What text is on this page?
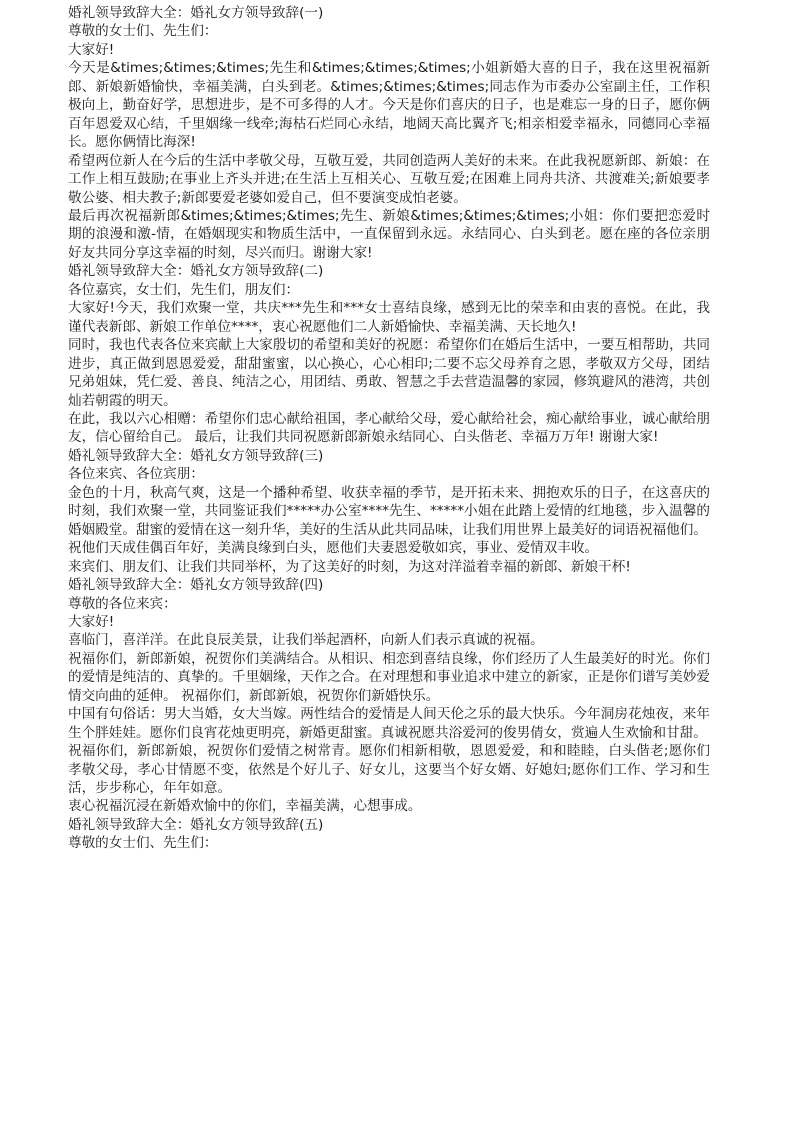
婚礼领导致辞大全：婚礼女方领导致辞(一)

尊敬的女士们、先生们：

大家好!

今天是&times;&times;&times;先生和&times;&times;&times;小姐新婚大喜的日子，我在这里祝福新郎、新娘新婚愉快，幸福美满，白头到老。&times;&times;&times;同志作为市委办公室副主任，工作积极向上，勤奋好学，思想进步，是不可多得的人才。今天是你们喜庆的日子，也是难忘一身的日子，愿你俩百年恩爱双心结，千里姻缘一线牵;海枯石烂同心永结，地阔天高比翼齐飞;相亲相爱幸福永，同德同心幸福长。愿你俩情比海深!

希望两位新人在今后的生活中孝敬父母，互敬互爱，共同创造两人美好的未来。在此我祝愿新郎、新娘：在工作上相互鼓励;在事业上齐头并进;在生活上互相关心、互敬互爱;在困难上同舟共济、共渡难关;新娘要孝敬公婆、相夫教子;新郎要爱老婆如爱自己，但不要演变成怕老婆。

最后再次祝福新郎&times;&times;&times;先生、新娘&times;&times;&times;小姐：你们要把恋爱时期的浪漫和激-情，在婚姻现实和物质生活中，一直保留到永远。永结同心、白头到老。愿在座的各位亲朋好友共同分享这幸福的时刻，尽兴而归。谢谢大家!

婚礼领导致辞大全：婚礼女方领导致辞(二)

各位嘉宾，女士们，先生们，朋友们：

大家好!今天，我们欢聚一堂，共庆***先生和***女士喜结良缘，感到无比的荣幸和由衷的喜悦。在此，我谨代表新郎、新娘工作单位****，衷心祝愿他们二人新婚愉快、幸福美满、天长地久!

同时，我也代表各位来宾献上大家殷切的希望和美好的祝愿：希望你们在婚后生活中，一要互相帮助，共同进步，真正做到恩恩爱爱，甜甜蜜蜜，以心换心，心心相印;二要不忘父母养育之恩，孝敬双方父母，团结兄弟姐妹，凭仁爱、善良、纯洁之心，用团结、勇敢、智慧之手去营造温馨的家园，修筑避风的港湾，共创灿若朝霞的明天。

在此，我以六心相赠：希望你们忠心献给祖国，孝心献给父母，爱心献给社会，痴心献给事业，诚心献给朋友，信心留给自己。 最后，让我们共同祝愿新郎新娘永结同心、白头偕老、幸福万万年! 谢谢大家!

婚礼领导致辞大全：婚礼女方领导致辞(三)

各位来宾、各位宾朋：

金色的十月，秋高气爽，这是一个播种希望、收获幸福的季节，是开拓未来、拥抱欢乐的日子，在这喜庆的时刻，我们欢聚一堂，共同鉴证我们*****办公室****先生、*****小姐在此踏上爱情的红地毯，步入温馨的婚姻殿堂。甜蜜的爱情在这一刻升华，美好的生活从此共同品味，让我们用世界上最美好的词语祝福他们。

祝他们天成佳偶百年好，美满良缘到白头，愿他们夫妻恩爱敬如宾，事业、爱情双丰收。

来宾们、朋友们、让我们共同举杯，为了这美好的时刻，为这对洋溢着幸福的新郎、新娘干杯!

婚礼领导致辞大全：婚礼女方领导致辞(四)

尊敬的各位来宾：

大家好!

喜临门，喜洋洋。在此良辰美景，让我们举起酒杯，向新人们表示真诚的祝福。

祝福你们，新郎新娘，祝贺你们美满结合。从相识、相恋到喜结良缘，你们经历了人生最美好的时光。你们的爱情是纯洁的、真挚的。千里姻缘，天作之合。在对理想和事业追求中建立的新家，正是你们谱写美妙爱情交向曲的延伸。 祝福你们，新郎新娘，祝贺你们新婚快乐。

中国有句俗话：男大当婚，女大当嫁。两性结合的爱情是人间天伦之乐的最大快乐。今年洞房花烛夜，来年生个胖娃娃。愿你们良宵花烛更明亮，新婚更甜蜜。真诚祝愿共浴爱河的俊男倩女，赏遍人生欢愉和甘甜。

祝福你们，新郎新娘，祝贺你们爱情之树常青。愿你们相新相敬，恩恩爱爱，和和睦睦，白头偕老;愿你们孝敬父母，孝心甘情愿不变，依然是个好儿子、好女儿，这要当个好女婿、好媳妇;愿你们工作、学习和生活，步步称心，年年如意。

衷心祝福沉浸在新婚欢愉中的你们，幸福美满，心想事成。

婚礼领导致辞大全：婚礼女方领导致辞(五)

尊敬的女士们、先生们：
